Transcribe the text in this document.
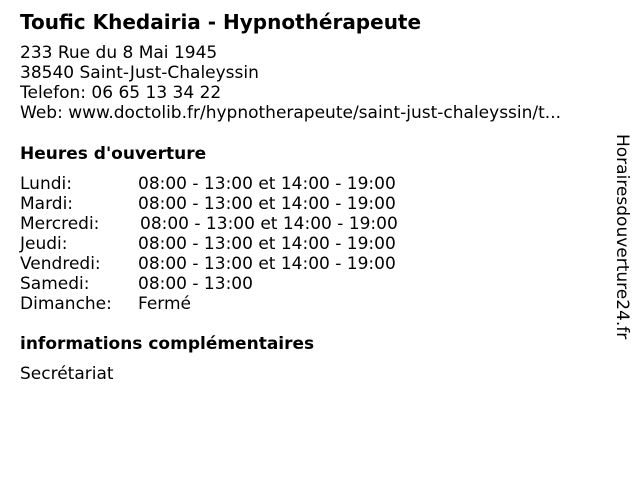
Toufic Khedairia - Hypnothérapeute
233 Rue du 8 Mai 1945
38540 Saint-Just-Chaleyssin
Telefon: 06 65 13 34 22
Web: www.doctolib.fr/hypnotherapeute/saint-just-chaleyssin/t...
Heures d'ouverture
Lundi:	08:00 - 13:00 et 14:00 - 19:00
Mardi:	08:00 - 13:00 et 14:00 - 19:00
Mercredi: 08:00 - 13:00 et 14:00 - 19:00
Jeudi:	08:00 - 13:00 et 14:00 - 19:00
Vendredi: 08:00 - 13:00 et 14:00 - 19:00
Samedi:	08:00 - 13:00
Dimanche: Fermé
informations complémentaires
Secrétariat
Horairesdouverture24.fr
